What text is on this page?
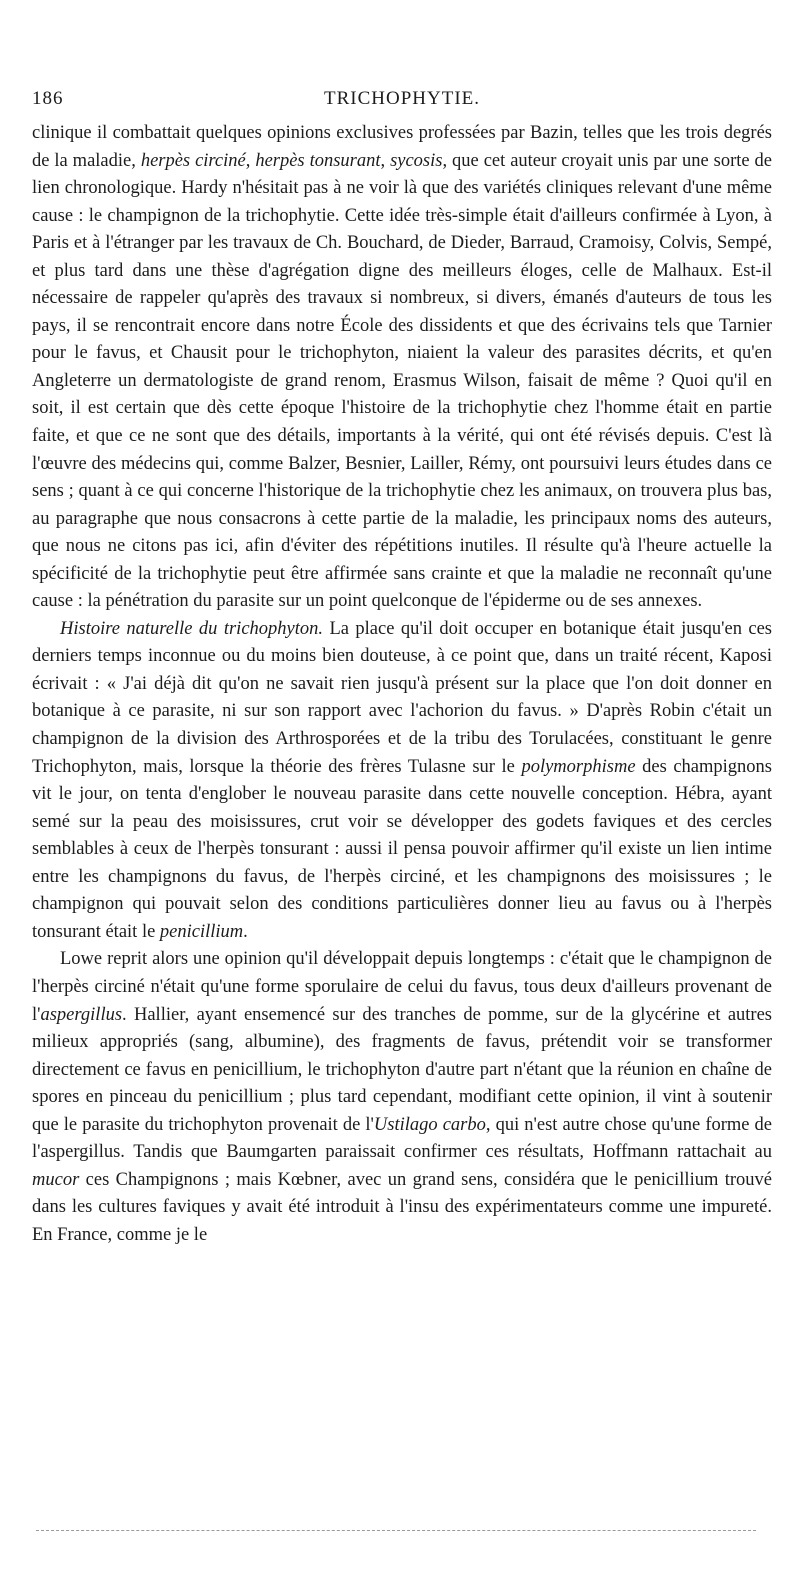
186	TRICHOPHYTIE.

clinique il combattait quelques opinions exclusives professées par Bazin, telles que les trois degrés de la maladie, herpès circiné, herpès tonsurant, sycosis, que cet auteur croyait unis par une sorte de lien chronologique. Hardy n'hésitait pas à ne voir là que des variétés cliniques relevant d'une même cause : le champignon de la trichophytie. Cette idée très-simple était d'ailleurs confirmée à Lyon, à Paris et à l'étranger par les travaux de Ch. Bouchard, de Dieder, Barraud, Cramoisy, Colvis, Sempé, et plus tard dans une thèse d'agrégation digne des meilleurs éloges, celle de Malhaux. Est-il nécessaire de rappeler qu'après des travaux si nombreux, si divers, émanés d'auteurs de tous les pays, il se rencontrait encore dans notre École des dissidents et que des écrivains tels que Tarnier pour le favus, et Chausit pour le trichophyton, niaient la valeur des parasites décrits, et qu'en Angleterre un dermatologiste de grand renom, Erasmus Wilson, faisait de même ? Quoi qu'il en soit, il est certain que dès cette époque l'histoire de la trichophytie chez l'homme était en partie faite, et que ce ne sont que des détails, importants à la vérité, qui ont été révisés depuis. C'est là l'œuvre des médecins qui, comme Balzer, Besnier, Lailler, Rémy, ont poursuivi leurs études dans ce sens ; quant à ce qui concerne l'historique de la trichophytie chez les animaux, on trouvera plus bas, au paragraphe que nous consacrons à cette partie de la maladie, les principaux noms des auteurs, que nous ne citons pas ici, afin d'éviter des répétitions inutiles. Il résulte qu'à l'heure actuelle la spécificité de la trichophytie peut être affirmée sans crainte et que la maladie ne reconnaît qu'une cause : la pénétration du parasite sur un point quelconque de l'épiderme ou de ses annexes.

Histoire naturelle du trichophyton. La place qu'il doit occuper en botanique était jusqu'en ces derniers temps inconnue ou du moins bien douteuse, à ce point que, dans un traité récent, Kaposi écrivait : « J'ai déjà dit qu'on ne savait rien jusqu'à présent sur la place que l'on doit donner en botanique à ce parasite, ni sur son rapport avec l'achorion du favus. » D'après Robin c'était un champignon de la division des Arthrosporées et de la tribu des Torulacées, constituant le genre Trichophyton, mais, lorsque la théorie des frères Tulasne sur le polymorphisme des champignons vit le jour, on tenta d'englober le nouveau parasite dans cette nouvelle conception. Hébra, ayant semé sur la peau des moisissures, crut voir se développer des godets faviques et des cercles semblables à ceux de l'herpès tonsurant : aussi il pensa pouvoir affirmer qu'il existe un lien intime entre les champignons du favus, de l'herpès circiné, et les champignons des moisissures ; le champignon qui pouvait selon des conditions particulières donner lieu au favus ou à l'herpès tonsurant était le penicillium.

Lowe reprit alors une opinion qu'il développait depuis longtemps : c'était que le champignon de l'herpès circiné n'était qu'une forme sporulaire de celui du favus, tous deux d'ailleurs provenant de l'aspergillus. Hallier, ayant ensemencé sur des tranches de pomme, sur de la glycérine et autres milieux appropriés (sang, albumine), des fragments de favus, prétendit voir se transformer directement ce favus en penicillium, le trichophyton d'autre part n'étant que la réunion en chaîne de spores en pinceau du penicillium ; plus tard cependant, modifiant cette opinion, il vint à soutenir que le parasite du trichophyton provenait de l'Ustilago carbo, qui n'est autre chose qu'une forme de l'aspergillus. Tandis que Baumgarten paraissait confirmer ces résultats, Hoffmann rattachait au mucor ces Champignons ; mais Kœbner, avec un grand sens, considéra que le penicillium trouvé dans les cultures faviques y avait été introduit à l'insu des expérimentateurs comme une impureté. En France, comme je le
